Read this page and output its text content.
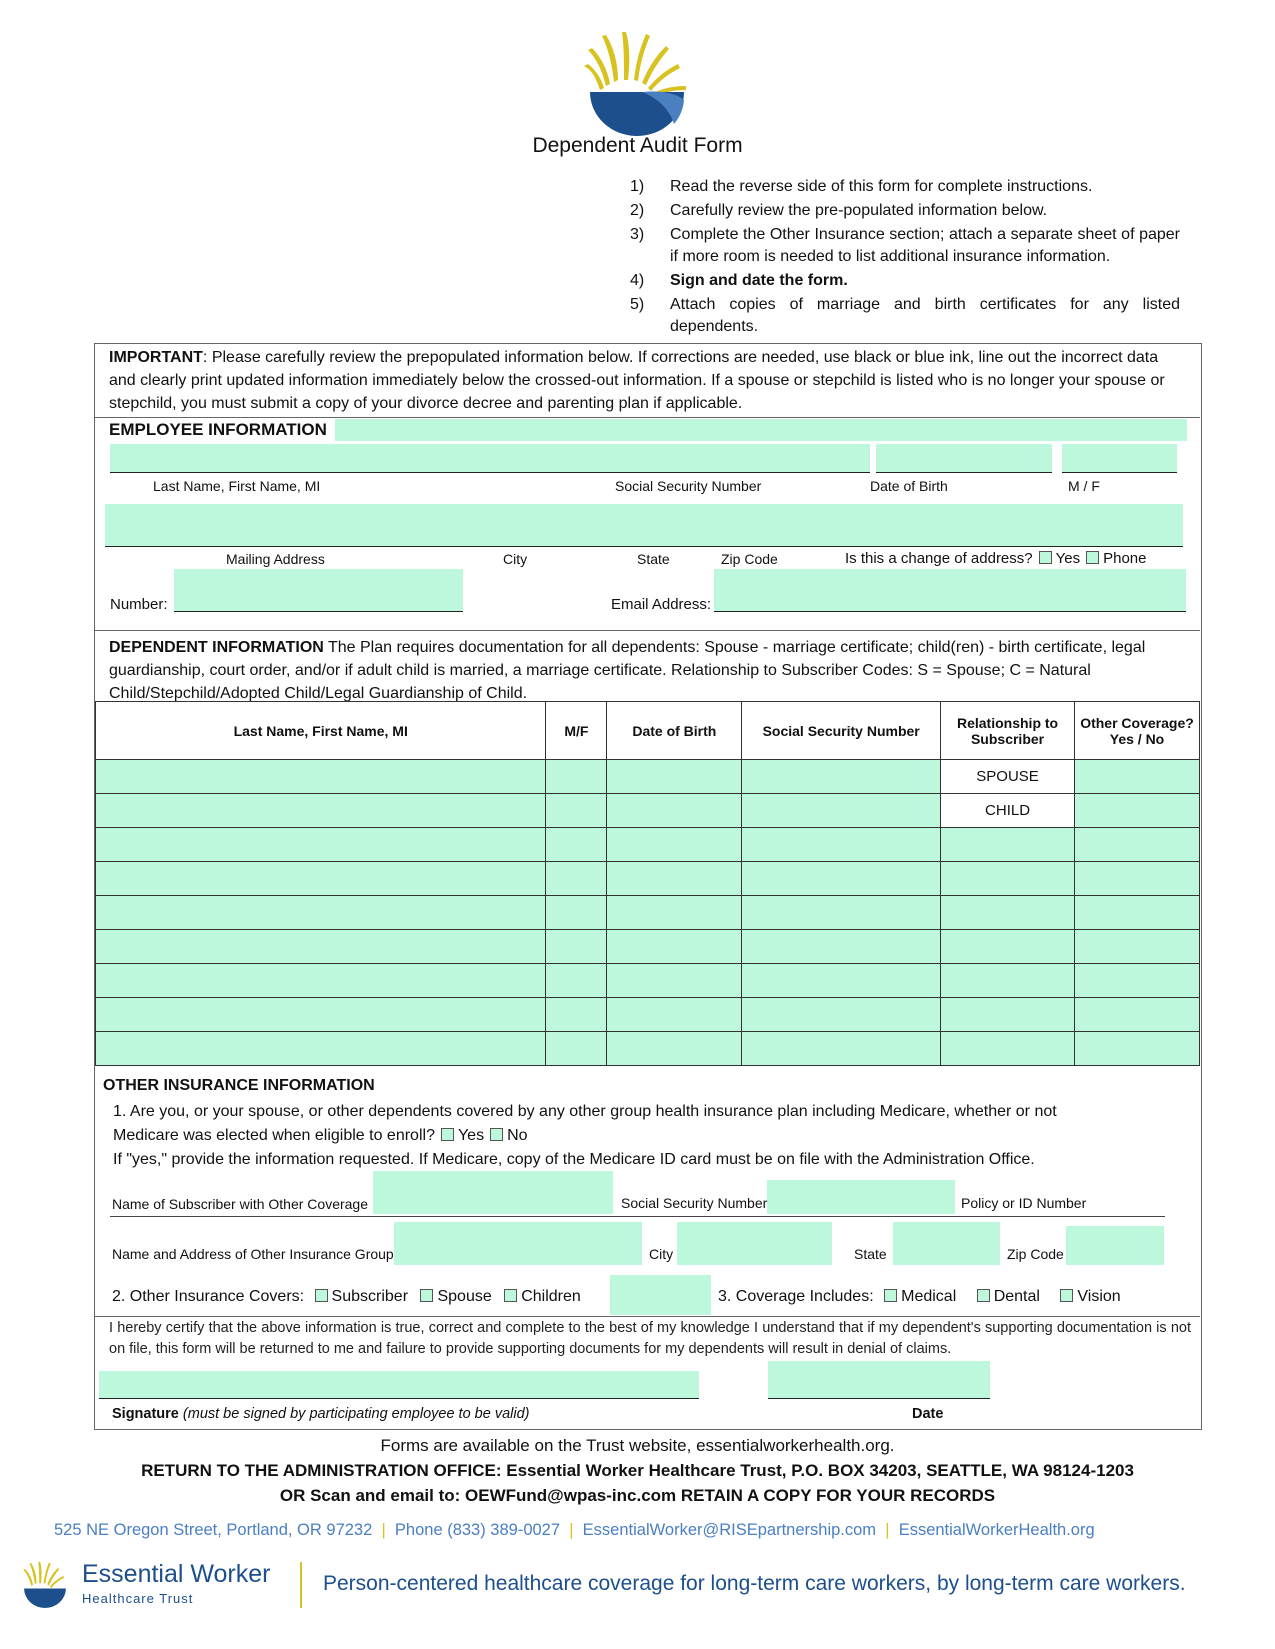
Dependent Audit Form
1)	Read the reverse side of this form for complete instructions.
2)	Carefully review the pre-populated information below.
3)	Complete the Other Insurance section; attach a separate sheet of paper if more room is needed to list additional insurance information.
4)	Sign and date the form.
5)	Attach copies of marriage and birth certificates for any listed dependents.
IMPORTANT: Please carefully review the prepopulated information below. If corrections are needed, use black or blue ink, line out the incorrect data and clearly print updated information immediately below the crossed-out information. If a spouse or stepchild is listed who is no longer your spouse or stepchild, you must submit a copy of your divorce decree and parenting plan if applicable.
EMPLOYEE INFORMATION
Last Name, First Name, MI	Social Security Number	Date of Birth	M / F
Mailing Address	City	State	Zip Code	Is this a change of address? Yes Phone
Number:	Email Address:
DEPENDENT INFORMATION The Plan requires documentation for all dependents: Spouse - marriage certificate; child(ren) - birth certificate, legal guardianship, court order, and/or if adult child is married, a marriage certificate. Relationship to Subscriber Codes: S = Spouse; C = Natural Child/Stepchild/Adopted Child/Legal Guardianship of Child.
Last Name, First Name, MI	M/F	Date of Birth	Social Security Number	Relationship to Subscriber	Other Coverage? Yes / No
				SPOUSE	
				CHILD	

OTHER INSURANCE INFORMATION
1. Are you, or your spouse, or other dependents covered by any other group health insurance plan including Medicare, whether or not
Medicare was elected when eligible to enroll? Yes No
If "yes," provide the information requested. If Medicare, copy of the Medicare ID card must be on file with the Administration Office.
Name of Subscriber with Other Coverage	Social Security Number	Policy or ID Number
Name and Address of Other Insurance Group	City	State	Zip Code
2. Other Insurance Covers: Subscriber Spouse Children	3. Coverage Includes: Medical Dental Vision
I hereby certify that the above information is true, correct and complete to the best of my knowledge I understand that if my dependent's supporting documentation is not on file, this form will be returned to me and failure to provide supporting documents for my dependents will result in denial of claims.
Signature (must be signed by participating employee to be valid)	Date
Forms are available on the Trust website, essentialworkerhealth.org.
RETURN TO THE ADMINISTRATION OFFICE: Essential Worker Healthcare Trust, P.O. BOX 34203, SEATTLE, WA 98124-1203
OR Scan and email to: OEWFund@wpas-inc.com RETAIN A COPY FOR YOUR RECORDS
525 NE Oregon Street, Portland, OR 97232  |  Phone (833) 389-0027  |  EssentialWorker@RISEpartnership.com  |  EssentialWorkerHealth.org
Essential Worker
Healthcare Trust
Person-centered healthcare coverage for long-term care workers, by long-term care workers.
